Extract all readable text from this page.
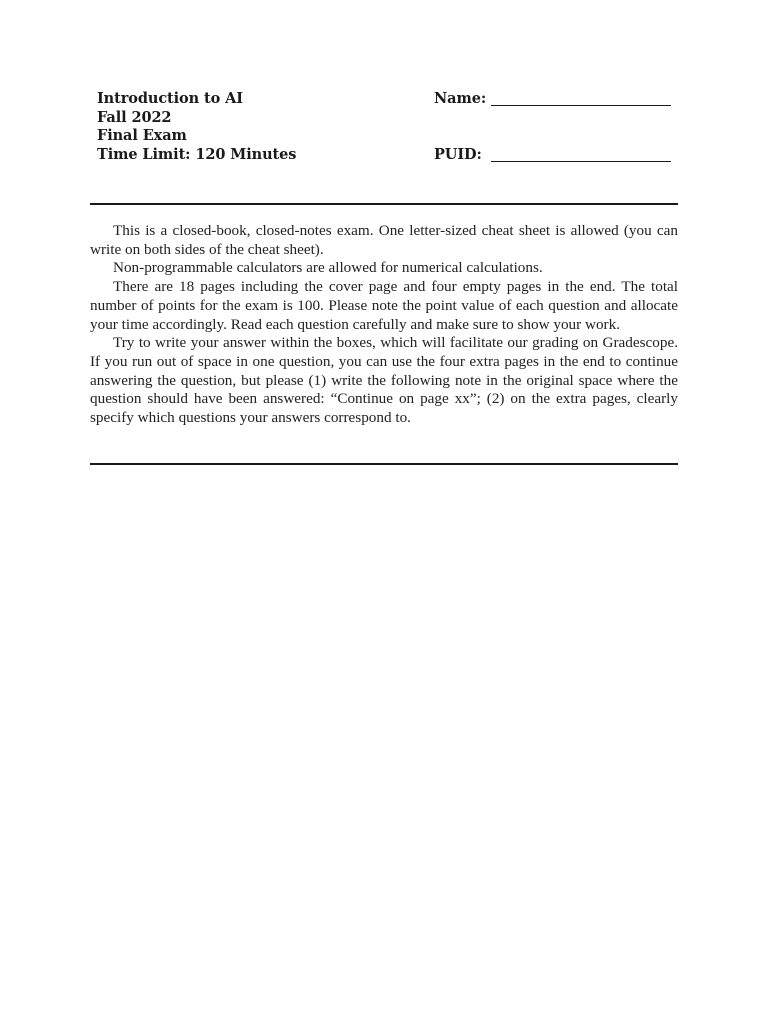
Introduction to AI
Fall 2022
Final Exam
Time Limit: 120 Minutes
Name:
PUID:

This is a closed-book, closed-notes exam. One letter-sized cheat sheet is allowed (you can write on both sides of the cheat sheet).

Non-programmable calculators are allowed for numerical calculations.

There are 18 pages including the cover page and four empty pages in the end. The total number of points for the exam is 100. Please note the point value of each question and allocate your time accordingly. Read each question carefully and make sure to show your work.

Try to write your answer within the boxes, which will facilitate our grading on Gradescope. If you run out of space in one question, you can use the four extra pages in the end to continue answering the question, but please (1) write the following note in the original space where the question should have been answered: “Continue on page xx”; (2) on the extra pages, clearly specify which questions your answers correspond to.
